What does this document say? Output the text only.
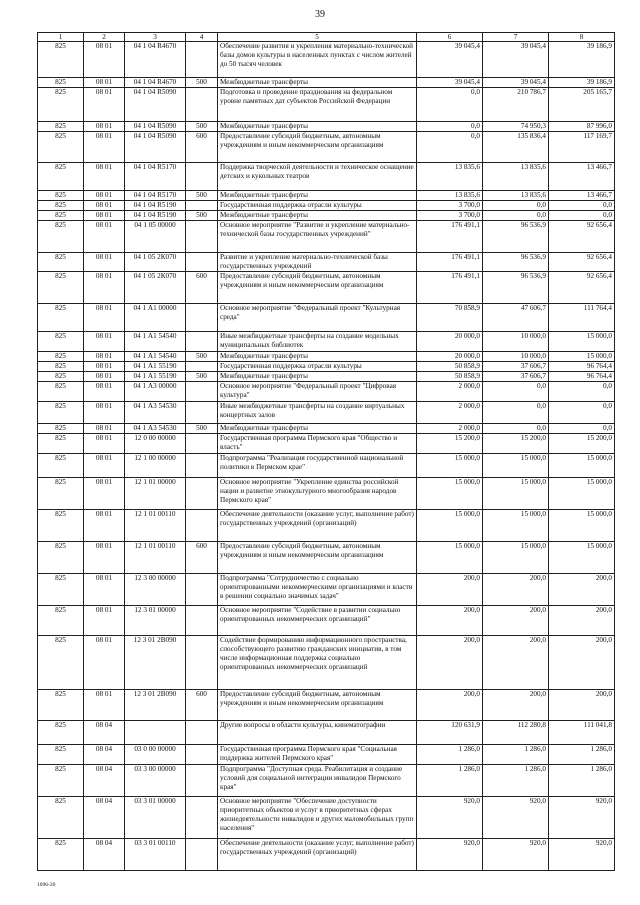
39
1	2	3	4	5	6	7	8
825	08 01	04 1 04 R4670		Обеспечение развития и укрепления материально-технической базы домов культуры в населенных пунктах с числом жителей до 50 тысяч человек	39 045,4	39 045,4	39 186,9
825	08 01	04 1 04 R4670	500	Межбюджетные трансферты	39 045,4	39 045,4	39 186,9
825	08 01	04 1 04 R5090		Подготовка и проведение празднования на федеральном уровне памятных дат субъектов Российской Федерации	0,0	210 786,7	205 165,7
825	08 01	04 1 04 R5090	500	Межбюджетные трансферты	0,0	74 950,3	87 996,0
825	08 01	04 1 04 R5090	600	Предоставление субсидий бюджетным, автономным учреждениям и иным некоммерческим организациям	0,0	135 836,4	117 169,7
825	08 01	04 1 04 R5170		Поддержка творческой деятельности и техническое оснащение детских и кукольных театров	13 835,6	13 835,6	13 466,7
825	08 01	04 1 04 R5170	500	Межбюджетные трансферты	13 835,6	13 835,6	13 466,7
825	08 01	04 1 04 R5190		Государственная поддержка отрасли культуры	3 700,0	0,0	0,0
825	08 01	04 1 04 R5190	500	Межбюджетные трансферты	3 700,0	0,0	0,0
825	08 01	04 1 05 00000		Основное мероприятие "Развитие и укрепление материально-технической базы государственных учреждений"	176 491,1	96 536,9	92 656,4
825	08 01	04 1 05 2К070		Развитие и укрепление материально-технической базы государственных учреждений	176 491,1	96 536,9	92 656,4
825	08 01	04 1 05 2К070	600	Предоставление субсидий бюджетным, автономным учреждениям и иным некоммерческим организациям	176 491,1	96 536,9	92 656,4
825	08 01	04 1 А1 00000		Основное мероприятие "Федеральный проект "Культурная среда"	70 858,9	47 606,7	111 764,4
825	08 01	04 1 А1 54540		Иные межбюджетные трансферты на создание модельных муниципальных библиотек	20 000,0	10 000,0	15 000,0
825	08 01	04 1 А1 54540	500	Межбюджетные трансферты	20 000,0	10 000,0	15 000,0
825	08 01	04 1 А1 55190		Государственная поддержка отрасли культуры	50 858,9	37 606,7	96 764,4
825	08 01	04 1 А1 55190	500	Межбюджетные трансферты	50 858,9	37 606,7	96 764,4
825	08 01	04 1 А3 00000		Основное мероприятие "Федеральный проект "Цифровая культура"	2 000,0	0,0	0,0
825	08 01	04 1 А3 54530		Иные межбюджетные трансферты на создание виртуальных концертных залов	2 000,0	0,0	0,0
825	08 01	04 1 А3 54530	500	Межбюджетные трансферты	2 000,0	0,0	0,0
825	08 01	12 0 00 00000		Государственная программа Пермского края "Общество и власть"	15 200,0	15 200,0	15 200,0
825	08 01	12 1 00 00000		Подпрограмма "Реализация государственной национальной политики в Пермском крае"	15 000,0	15 000,0	15 000,0
825	08 01	12 1 01 00000		Основное мероприятие "Укрепление единства российской нации и развитие этнокультурного многообразия народов Пермского края"	15 000,0	15 000,0	15 000,0
825	08 01	12 1 01 00110		Обеспечение деятельности (оказание услуг, выполнение работ) государственных учреждений (организаций)	15 000,0	15 000,0	15 000,0
825	08 01	12 1 01 00110	600	Предоставление субсидий бюджетным, автономным учреждениям и иным некоммерческим организациям	15 000,0	15 000,0	15 000,0
825	08 01	12 3 00 00000		Подпрограмма "Сотрудничество с социально ориентированными некоммерческими организациями и власти в решении социально значимых задач"	200,0	200,0	200,0
825	08 01	12 3 01 00000		Основное мероприятие "Содействие в развитии социально ориентированных некоммерческих организаций"	200,0	200,0	200,0
825	08 01	12 3 01 2В090		Содействие формированию информационного пространства, способствующего развитию гражданских инициатив, в том числе информационная поддержка социально ориентированных некоммерческих организаций	200,0	200,0	200,0
825	08 01	12 3 01 2В090	600	Предоставление субсидий бюджетным, автономным учреждениям и иным некоммерческим организациям	200,0	200,0	200,0
825	08 04			Другие вопросы в области культуры, кинематографии	120 631,9	112 280,8	111 041,8
825	08 04	03 0 00 00000		Государственная программа Пермского края "Социальная поддержка жителей Пермского края"	1 286,0	1 286,0	1 286,0
825	08 04	03 3 00 00000		Подпрограмма "Доступная среда. Реабилитация и создание условий для социальной интеграции инвалидов Пермского края"	1 286,0	1 286,0	1 286,0
825	08 04	03 3 01 00000		Основное мероприятие "Обеспечение доступности приоритетных объектов и услуг в приоритетных сферах жизнедеятельности инвалидов и других маломобильных групп населения"	920,0	920,0	920,0
825	08 04	03 3 01 00110		Обеспечение деятельности (оказание услуг, выполнение работ) государственных учреждений (организаций)	920,0	920,0	920,0
1096-20
